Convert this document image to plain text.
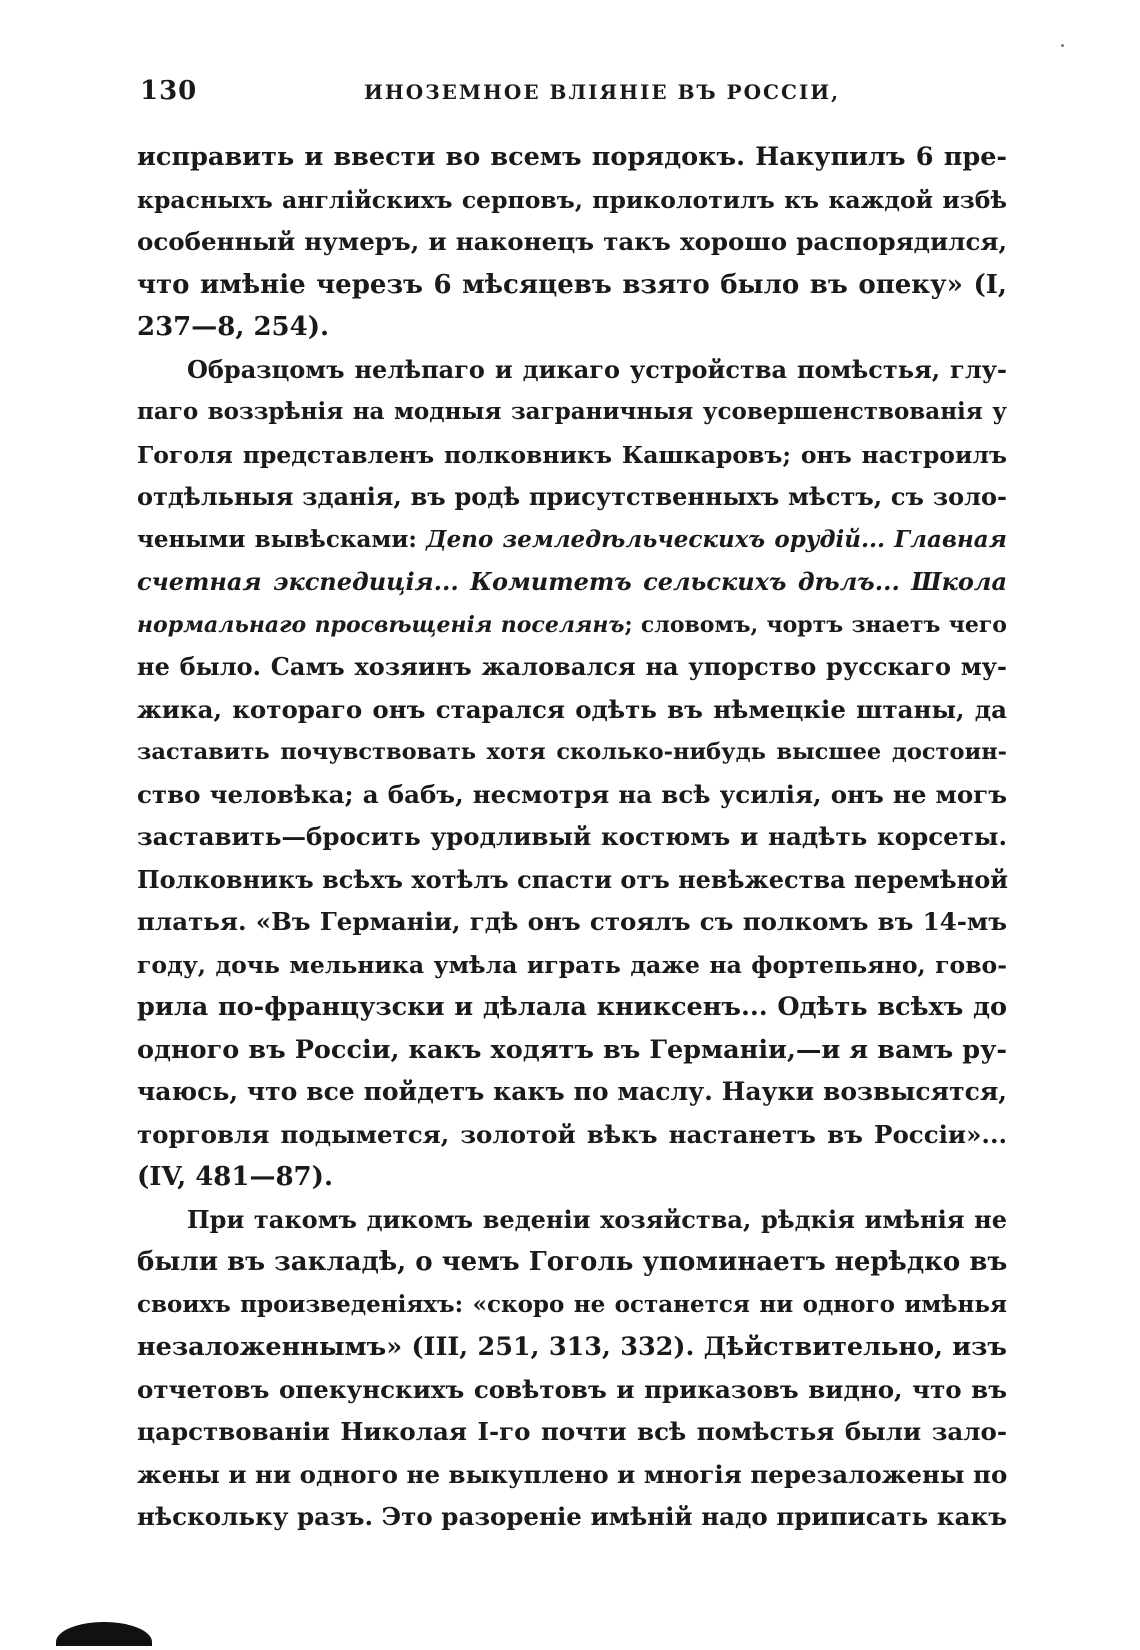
130	ИНОЗЕМНОЕ ВЛІЯНІЕ ВЪ РОССІИ,
исправить и ввести во всемъ порядокъ. Накупилъ 6 пре-
красныхъ англійскихъ серповъ, приколотилъ къ каждой избѣ
особенный нумеръ, и наконецъ такъ хорошо распорядился,
что имѣніе черезъ 6 мѣсяцевъ взято было въ опеку» (I,
237—8, 254).
Образцомъ нелѣпаго и дикаго устройства помѣстья, глу-
паго воззрѣнія на модныя заграничныя усовершенствованія у
Гоголя представленъ полковникъ Кашкаровъ; онъ настроилъ
отдѣльныя зданія, въ родѣ присутственныхъ мѣстъ, съ золо-
чеными вывѣсками: Депо земледѣльческихъ орудій... Главная
счетная экспедиція... Комитетъ сельскихъ дѣлъ... Школа
нормальнаго просвѣщенія поселянъ; словомъ, чортъ знаетъ чего
не было. Самъ хозяинъ жаловался на упорство русскаго му-
жика, котораго онъ старался одѣть въ нѣмецкіе штаны, да
заставить почувствовать хотя сколько-нибудь высшее достоин-
ство человѣка; а бабъ, несмотря на всѣ усилія, онъ не могъ
заставить—бросить уродливый костюмъ и надѣть корсеты.
Полковникъ всѣхъ хотѣлъ спасти отъ невѣжества перемѣной
платья. «Въ Германіи, гдѣ онъ стоялъ съ полкомъ въ 14-мъ
году, дочь мельника умѣла играть даже на фортепьяно, гово-
рила по-французски и дѣлала книксенъ... Одѣть всѣхъ до
одного въ Россіи, какъ ходятъ въ Германіи,—и я вамъ ру-
чаюсь, что все пойдетъ какъ по маслу. Науки возвысятся,
торговля подымется, золотой вѣкъ настанетъ въ Россіи»...
(IV, 481—87).
При такомъ дикомъ веденіи хозяйства, рѣдкія имѣнія не
были въ закладѣ, о чемъ Гоголь упоминаетъ нерѣдко въ
своихъ произведеніяхъ: «скоро не останется ни одного имѣнья
незаложеннымъ» (III, 251, 313, 332). Дѣйствительно, изъ
отчетовъ опекунскихъ совѣтовъ и приказовъ видно, что въ
царствованіи Николая I-го почти всѣ помѣстья были зало-
жены и ни одного не выкуплено и многія перезаложены по
нѣскольку разъ. Это разореніе имѣній надо приписать какъ
